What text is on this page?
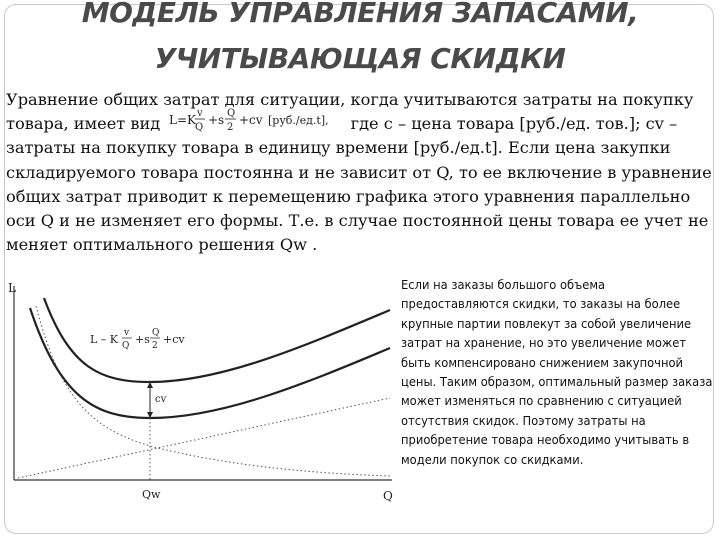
МОДЕЛЬ УПРАВЛЕНИЯ ЗАПАСАМИ,
УЧИТЫВАЮЩАЯ СКИДКИ

Уравнение общих затрат для ситуации, когда учитываются затраты на покупку товара, имеет вид L=K v
Q
+s Q
2
+cv [руб./ед.t], где с – цена товара [руб./ед. тов.]; cv – затраты на покупку товара в единицу времени [руб./ед.t]. Если цена закупки складируемого товара постоянна и не зависит от Q, то ее включение в уравнение общих затрат приводит к перемещению графика этого уравнения параллельно оси Q и не изменяет его формы. Т.е. в случае постоянной цены товара ее учет не меняет оптимального решения Qw .

Если на заказы большого объема предоставляются скидки, то заказы на более крупные партии повлекут за собой увеличение затрат на хранение, но это увеличение может быть компенсировано снижением закупочной цены. Таким образом, оптимальный размер заказа может изменяться по сравнению с ситуацией отсутствия скидок. Поэтому затраты на приобретение товара необходимо учитывать в модели покупок со скидками.
L
Q
cv
Qw
L – K v
Q +s Q
2 +cv
L – K v/Q + s Q/2 + cv
